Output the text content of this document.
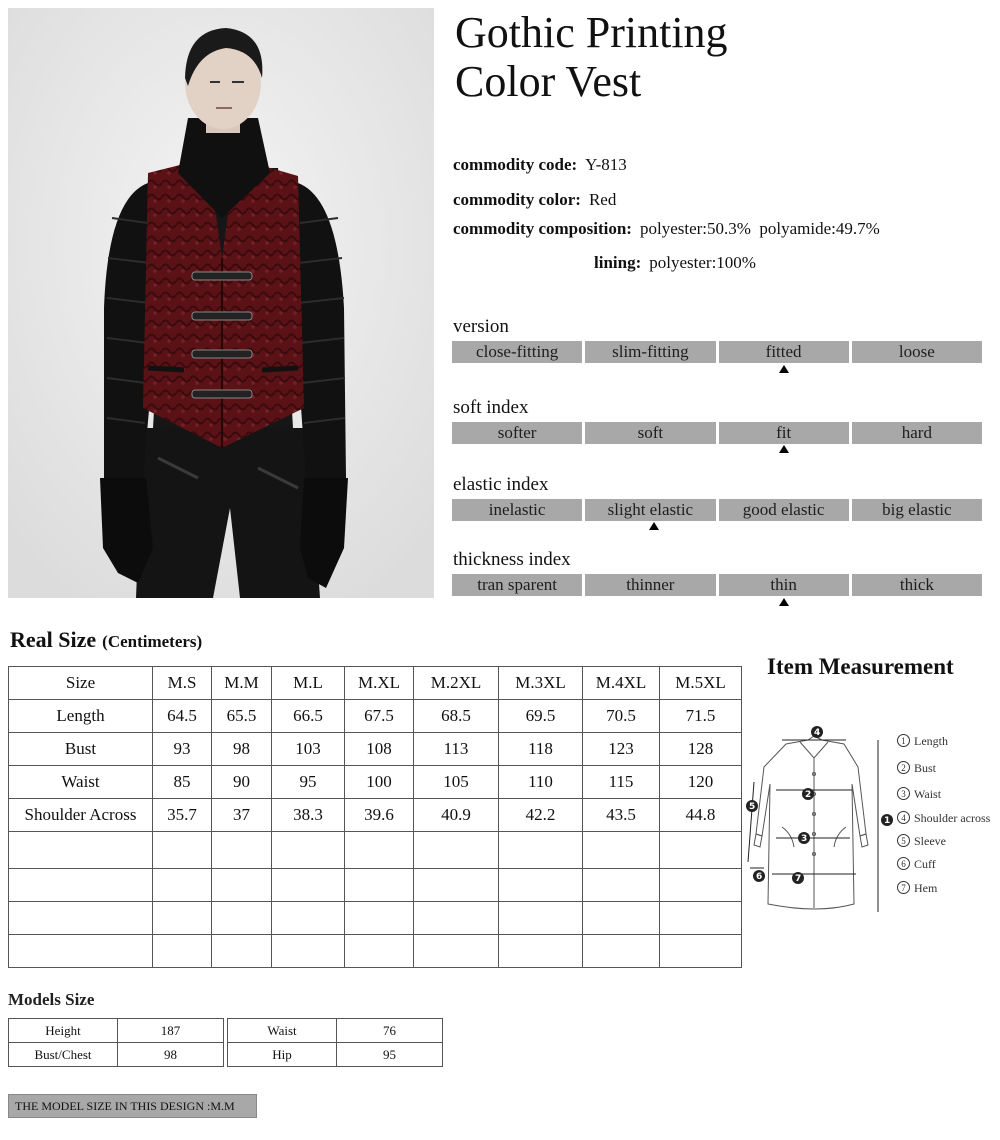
Gothic Printing
Color Vest
commodity code: Y-813
commodity color: Red
commodity composition: polyester:50.3%  polyamide:49.7%
lining: polyester:100%
version
close-fitting	slim-fitting	fitted	loose
soft index
softer	soft	fit	hard
elastic index
inelastic	slight elastic	good elastic	big elastic
thickness index
tran sparent	thinner	thin	thick
Real Size (Centimeters)
Size	M.S	M.M	M.L	M.XL	M.2XL	M.3XL	M.4XL	M.5XL
Length	64.5	65.5	66.5	67.5	68.5	69.5	70.5	71.5
Bust	93	98	103	108	113	118	123	128
Waist	85	90	95	100	105	110	115	120
Shoulder Across	35.7	37	38.3	39.6	40.9	42.2	43.5	44.8

Item Measurement
4
2
3
7
5
6
1
1 Length
2 Bust
3 Waist
4 Shoulder across
5 Sleeve
6 Cuff
7 Hem
Models Size
Height	187
Bust/Chest	98
Waist	76
Hip	95
THE MODEL SIZE IN THIS DESIGN :M.M
